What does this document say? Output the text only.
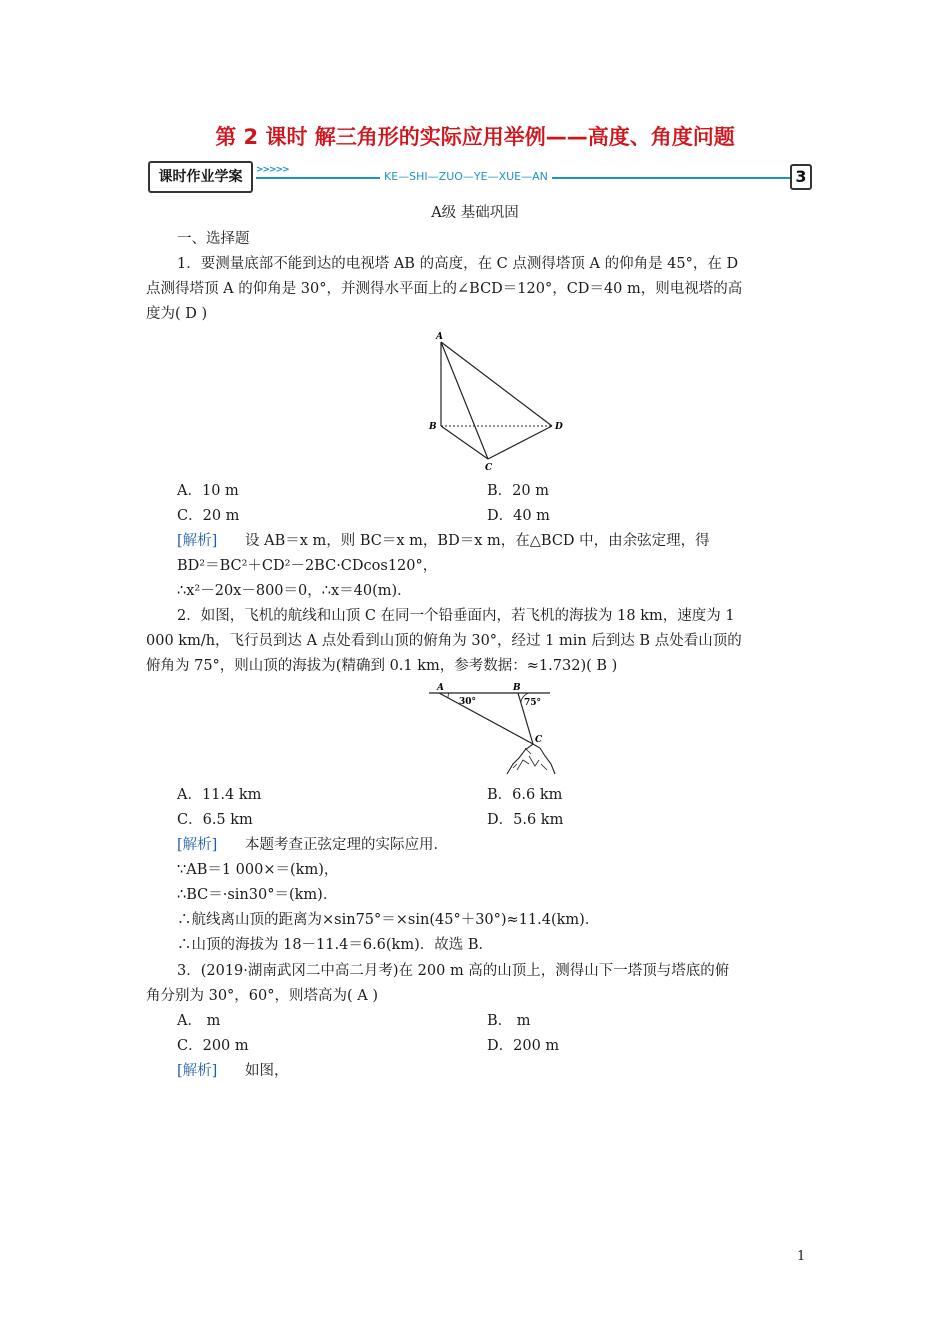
第 2 课时 解三角形的实际应用举例——高度、角度问题
课时作业学案	>>>>>	KE—SHI—ZUO—YE—XUE—AN	3
A级 基础巩固
一、选择题
1．要测量底部不能到达的电视塔 AB 的高度，在 C 点测得塔顶 A 的仰角是 45°，在 D
点测得塔顶 A 的仰角是 30°，并测得水平面上的∠BCD＝120°，CD＝40 m，则电视塔的高
度为( D )
A
B
C
D
A．10 m	B．20 m
C．20 m	D．40 m
[解析] 设 AB＝x m，则 BC＝x m，BD＝x m，在△BCD 中，由余弦定理，得
BD²＝BC²＋CD²－2BC·CDcos120°，
∴x²－20x－800＝0，∴x＝40(m)．
2．如图，飞机的航线和山顶 C 在同一个铅垂面内，若飞机的海拔为 18 km，速度为 1
000 km/h，飞行员到达 A 点处看到山顶的俯角为 30°，经过 1 min 后到达 B 点处看山顶的
俯角为 75°，则山顶的海拔为(精确到 0.1 km，参考数据：≈1.732)( B )
A	B
C
30°	75°
A．11.4 km	B．6.6 km
C．6.5 km	D．5.6 km
[解析] 本题考查正弦定理的实际应用．
∵AB＝1 000×＝(km)，
∴BC＝·sin30°＝(km)．
∴航线离山顶的距离为×sin75°＝×sin(45°＋30°)≈11.4(km)．
∴山顶的海拔为 18－11.4＝6.6(km)．故选 B．
3．(2019·湖南武冈二中高二月考)在 200 m 高的山顶上，测得山下一塔顶与塔底的俯
角分别为 30°，60°，则塔高为( A )
A． m	B． m
C．200 m	D．200 m
[解析] 如图，
1
